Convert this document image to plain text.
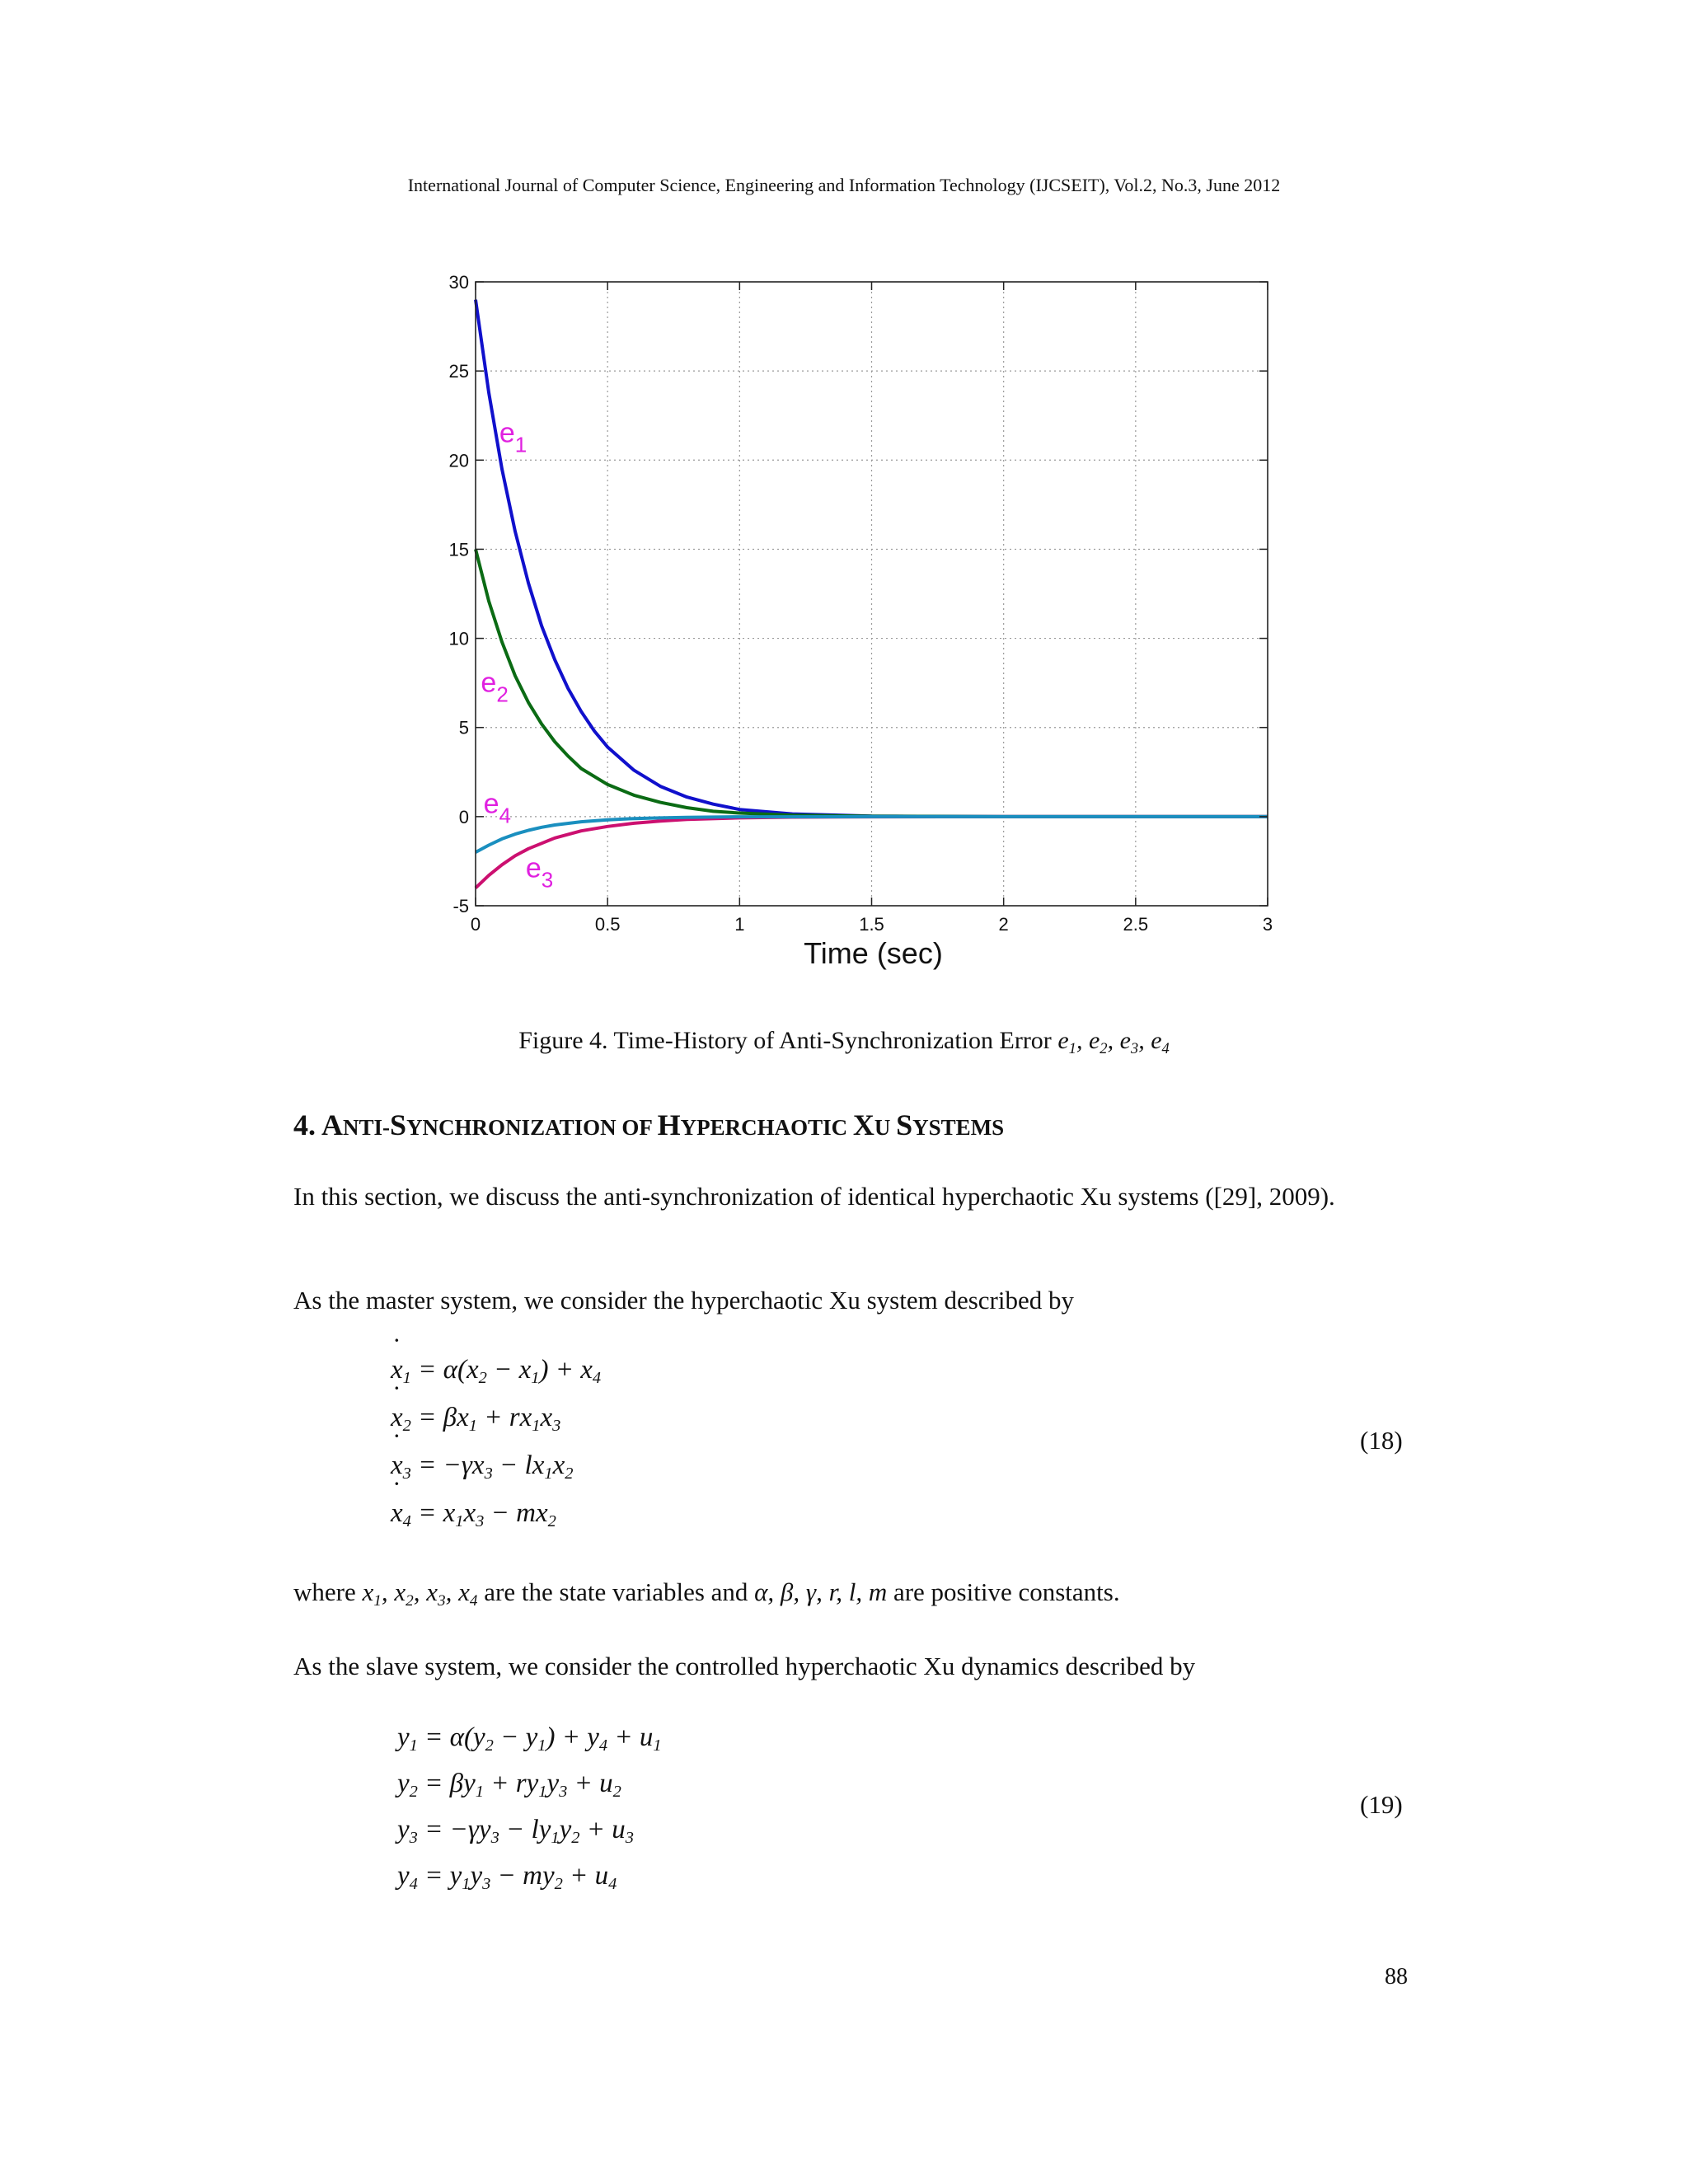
International Journal of Computer Science, Engineering and Information Technology (IJCSEIT), Vol.2, No.3, June 2012
0	0.5	1	1.5	2	2.5	3
-5
0
5
10
15
20
25
30
Time (sec)
$e_1$
$e_2$
$e_4$
$e_3$
Figure 4. Time-History of Anti-Synchronization Error $e_1$, $e_2$, $e_3$, $e_4$
4. ANTI-SYNCHRONIZATION OF HYPERCHAOTIC XU SYSTEMS
In this section, we discuss the anti-synchronization of identical hyperchaotic Xu systems ([29], 2009).
As the master system, we consider the hyperchaotic Xu system described by
˙ $x_1 = \alpha(x_2 - x_1) + x_4$
˙ $x_2 = \beta x_1 + rx_1x_3$
˙ $x_3 = -\gamma x_3 - lx_1x_2$
˙ $x_4 = x_1x_3 - mx_2$
(18)
where $x_1$, $x_2$, $x_3$, $x_4$ are the state variables and α, β, γ, r, l, m are positive constants.
As the slave system, we consider the controlled hyperchaotic Xu dynamics described by
$y_1 = \alpha(y_2 - y_1) + y_4 + u_1$
$y_2 = \beta y_1 + ry_1y_3 + u_2$
$y_3 = -\gamma y_3 - ly_1y_2 + u_3$
$y_4 = y_1y_3 - my_2 + u_4$
(19)
88
